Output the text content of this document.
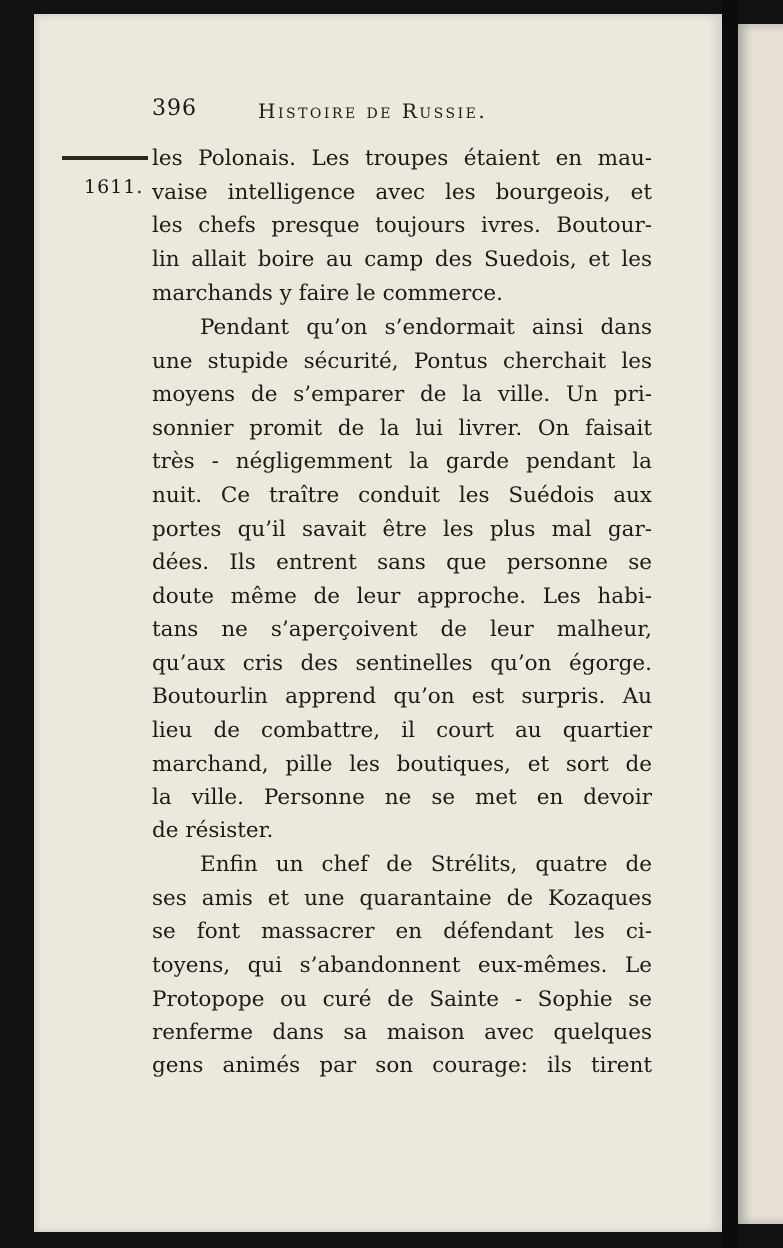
396	Histoire de Russie.
1611.
les Polonais. Les troupes étaient en mau-
vaise intelligence avec les bourgeois, et
les chefs presque toujours ivres. Boutour-
lin allait boire au camp des Suedois, et les
marchands y faire le commerce.
Pendant qu’on s’endormait ainsi dans
une stupide sécurité, Pontus cherchait les
moyens de s’emparer de la ville. Un pri-
sonnier promit de la lui livrer. On faisait
très - négligemment la garde pendant la
nuit. Ce traître conduit les Suédois aux
portes qu’il savait être les plus mal gar-
dées. Ils entrent sans que personne se
doute même de leur approche. Les habi-
tans ne s’aperçoivent de leur malheur,
qu’aux cris des sentinelles qu’on égorge.
Boutourlin apprend qu’on est surpris. Au
lieu de combattre, il court au quartier
marchand, pille les boutiques, et sort de
la ville. Personne ne se met en devoir
de résister.
Enfin un chef de Strélits, quatre de
ses amis et une quarantaine de Kozaques
se font massacrer en défendant les ci-
toyens, qui s’abandonnent eux-mêmes. Le
Protopope ou curé de Sainte - Sophie se
renferme dans sa maison avec quelques
gens animés par son courage: ils tirent
